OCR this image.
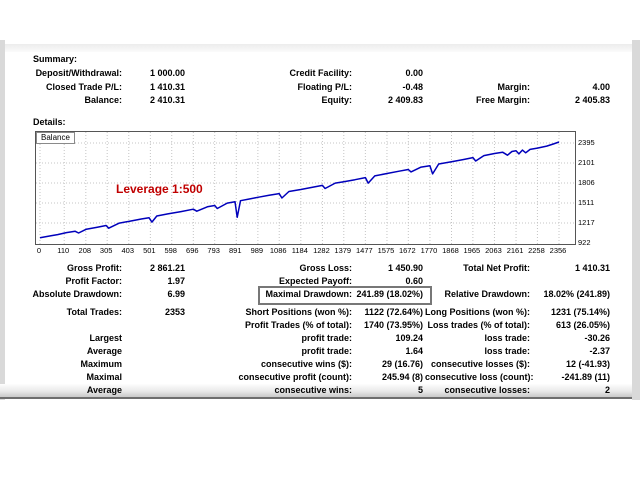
Summary:
Deposit/Withdrawal:	1 000.00	Credit Facility:	0.00
Closed Trade P/L:	1 410.31	Floating P/L:	-0.48	Margin:	4.00
Balance:	2 410.31	Equity:	2 409.83	Free Margin:	2 405.83
Details:
Balance
Leverage 1:500
0	110	208	305	403	501	598	696	793	891	989 1086 1184 1282 1379 1477 1575 1672 1770 1868 1965 2063 2161 2258 2356
2395
2101
1806
1511
1217
922
Gross Profit:	2 861.21	Gross Loss:	1 450.90	Total Net Profit:	1 410.31
Profit Factor:	1.97	Expected Payoff:	0.60
Absolute Drawdown:	6.99	Maximal Drawdown: 241.89 (18.02%)	Relative Drawdown:	18.02% (241.89)
Total Trades:	2353	Short Positions (won %):	1122 (72.64%) Long Positions (won %):	1231 (75.14%)
Profit Trades (% of total):	1740 (73.95%) Loss trades (% of total):	613 (26.05%)
Largest	profit trade:	109.24	loss trade:	-30.26
Average	profit trade:	1.64	loss trade:	-2.37
Maximum	consecutive wins ($):	29 (16.76) consecutive losses ($):	12 (-41.93)
Maximal	consecutive profit (count):	245.94 (8) consecutive loss (count):	-241.89 (11)
Average	consecutive wins:	5	consecutive losses:	2
